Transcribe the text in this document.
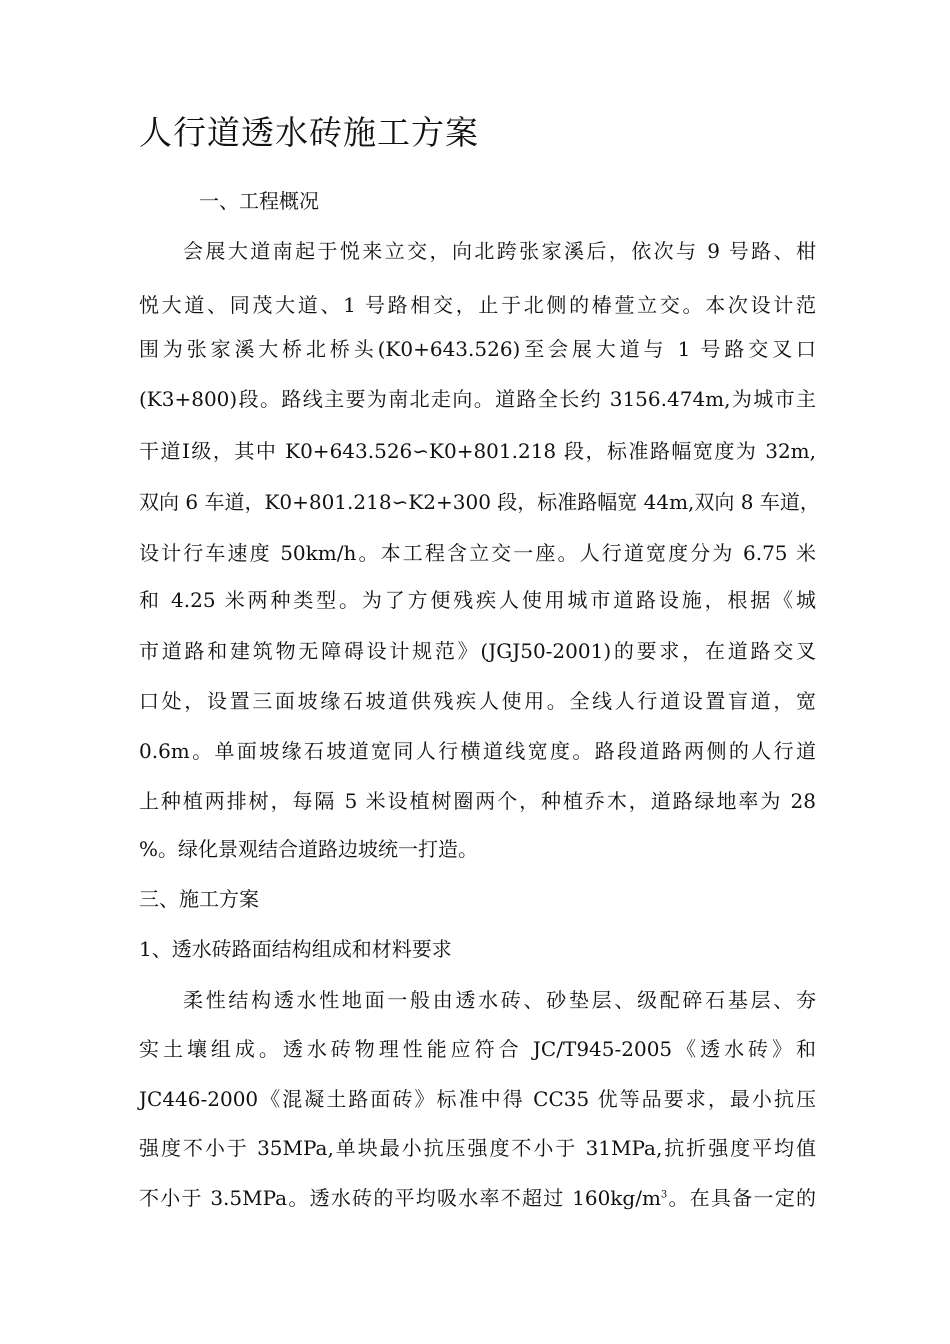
人行道透水砖施工方案

一、工程概况

会展大道南起于悦来立交，向北跨张家溪后，依次与 9 号路、柑

悦大道、同茂大道、1 号路相交，止于北侧的椿萱立交。本次设计范

围为张家溪大桥北桥头(K0+643.526)至会展大道与 1 号路交叉口

(K3+800)段。路线主要为南北走向。道路全长约 3156.474m,为城市主

干道Ⅰ级，其中 K0+643.526∽K0+801.218 段，标准路幅宽度为 32m,

双向 6 车道，K0+801.218∽K2+300 段，标准路幅宽 44m,双向 8 车道，

设计行车速度 50km/h。本工程含立交一座。人行道宽度分为 6.75 米

和 4.25 米两种类型。为了方便残疾人使用城市道路设施，根据《城

市道路和建筑物无障碍设计规范》(JGJ50-2001)的要求，在道路交叉

口处，设置三面坡缘石坡道供残疾人使用。全线人行道设置盲道，宽

0.6m。单面坡缘石坡道宽同人行横道线宽度。路段道路两侧的人行道

上种植两排树，每隔 5 米设植树圈两个，种植乔木，道路绿地率为 28

%。绿化景观结合道路边坡统一打造。

三、施工方案

1、透水砖路面结构组成和材料要求

柔性结构透水性地面一般由透水砖、砂垫层、级配碎石基层、夯

实土壤组成。透水砖物理性能应符合 JC/T945-2005《透水砖》和

JC446-2000《混凝土路面砖》标准中得 CC35 优等品要求，最小抗压

强度不小于 35MPa,单块最小抗压强度不小于 31MPa,抗折强度平均值

不小于 3.5MPa。透水砖的平均吸水率不超过 $160kg/m^3$。在具备一定的
